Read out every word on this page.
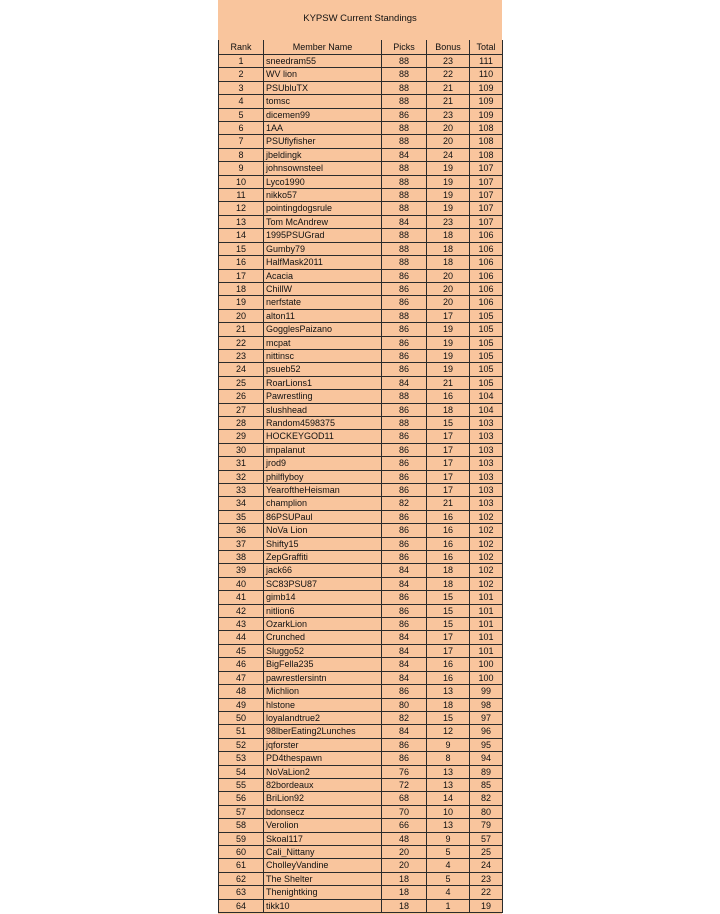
KYPSW Current Standings
Rank	Member Name	Picks	Bonus	Total
1	sneedram55	88	23	111
2	WV lion	88	22	110
3	PSUbluTX	88	21	109
4	tomsc	88	21	109
5	dicemen99	86	23	109
6	1AA	88	20	108
7	PSUflyfisher	88	20	108
8	jbeldingk	84	24	108
9	johnsownsteel	88	19	107
10	Lyco1990	88	19	107
11	nikko57	88	19	107
12	pointingdogsrule	88	19	107
13	Tom McAndrew	84	23	107
14	1995PSUGrad	88	18	106
15	Gumby79	88	18	106
16	HalfMask2011	88	18	106
17	Acacia	86	20	106
18	ChillW	86	20	106
19	nerfstate	86	20	106
20	alton11	88	17	105
21	GogglesPaizano	86	19	105
22	mcpat	86	19	105
23	nittinsc	86	19	105
24	psueb52	86	19	105
25	RoarLions1	84	21	105
26	Pawrestling	88	16	104
27	slushhead	86	18	104
28	Random4598375	88	15	103
29	HOCKEYGOD11	86	17	103
30	impalanut	86	17	103
31	jrod9	86	17	103
32	philflyboy	86	17	103
33	YearoftheHeisman	86	17	103
34	champlion	82	21	103
35	86PSUPaul	86	16	102
36	NoVa Lion	86	16	102
37	Shifty15	86	16	102
38	ZepGraffiti	86	16	102
39	jack66	84	18	102
40	SC83PSU87	84	18	102
41	gimb14	86	15	101
42	nitlion6	86	15	101
43	OzarkLion	86	15	101
44	Crunched	84	17	101
45	Sluggo52	84	17	101
46	BigFella235	84	16	100
47	pawrestlersintn	84	16	100
48	Michlion	86	13	99
49	hlstone	80	18	98
50	loyalandtrue2	82	15	97
51	98lberEating2Lunches	84	12	96
52	jqforster	86	9	95
53	PD4thespawn	86	8	94
54	NoVaLion2	76	13	89
55	82bordeaux	72	13	85
56	BriLion92	68	14	82
57	bdonsecz	70	10	80
58	Verolion	66	13	79
59	Skoal117	48	9	57
60	Cali_Nittany	20	5	25
61	CholleyVandine	20	4	24
62	The Shelter	18	5	23
63	Thenightking	18	4	22
64	tikk10	18	1	19
